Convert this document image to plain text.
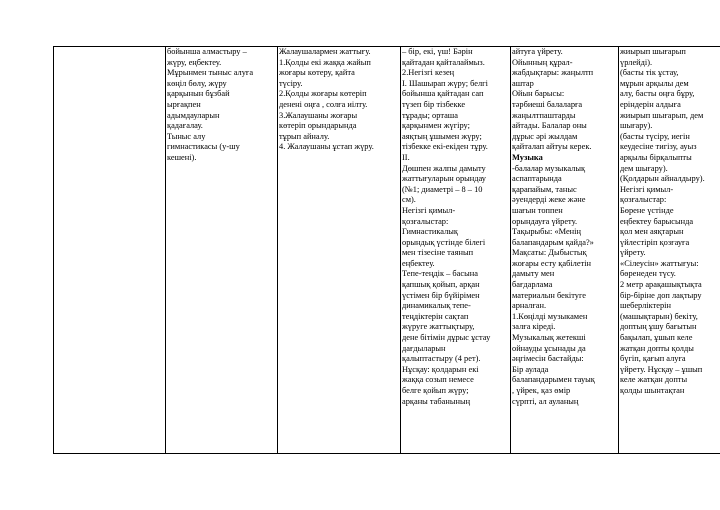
бойынша алмастыру –
жүру, еңбектеу.
Мұрынмен тыныс алуға
көңіл бөлу, жүру
қарқынын бұзбай
ырғақпен
адымдауларын
қадағалау.
Тыныс алу
гимнастикасы (у-шу
кешені).

Жалаушалармен жаттығу.
1.Қолды екі жаққа жайып
жоғары көтеру, қайта
түсіру.
2.Қолды жоғары көтеріп
денені оңға , солға иілту.
3.Жалаушаны жоғары
көтеріп орындарында
тұрып айналу.
4. Жалаушаны ұстап жүру.

– бір, екі, үш! Бәрін
қайтадан қайталаймыз.
2.Негізгі кезең
І. Шашырап жүру; белгі
бойынша қайтадан сап
түзеп бір тізбекке
тұрады; орташа
қарқынмен жүгіру;
аяқтың ұшымен жүру;
тізбекке екі-екіден тұру.
ІІ.
Дөшпен жалпы дамыту
жаттығуларын орындау
(№1; диаметрі – 8 – 10
см).
Негізгі қимыл-
қозғалыстар:
Гимнастикалық
орындық үстінде білегі
мен тізесіне таянып
еңбектеу.
Тепе-теңдік – басына
қапшық қойып, арқан
үстімен бір бүйірімен
динамикалық тепе-
теңдіктерін сақтап
жүруге жаттықтыру,
дене бітімін дұрыс ұстау
дағдыларын
қалыптастыру (4 рет).
Нұсқау: қолдарын екі
жаққа созып немесе
белге қойып жүру;
арқаны табанының

айтуға үйрету.
Ойынның құрал-
жабдықтары: жаңылтп
аштар
Ойын барысы:
тәрбиеші балаларға
жаңылтпаштарды
айтады. Балалар оны
дұрыс әрі жылдам
қайталап айтуы керек.
Музыка
-балалар музыкалық
аспаптарында
қарапайым, таныс
әуендерді жеке және
шағын топпен
орындауға үйрету.
Тақырыбы: «Менің
балапандарым қайда?»
Мақсаты: Дыбыстық
жоғары есту қабілетін
дамыту мен
бағдарлама
материалын бекітуге
арналған.
1.Көңілді музыкамен
залға кіреді.
Музыкалық жетекші
ойнауды ұсынады да
әңгімесін бастайды:
Бір аулада
балапандарымен тауық
, үйрек, қаз өмір
сүрпті, ал ауланың

жиырып шығарып
үрлейді).
(басты тік ұстау,
мұрын арқылы дем
алу, басты оңға бұру,
еріндерін алдыға
жиырып шығарып, дем
шығару).
(басты түсіру, иегін
кеудесіне тигізу, ауыз
арқылы бірқалыпты
дем шығару).
(Қолдарын айналдыру).
Негізгі қимыл-
қозғалыстар:
Бөрене үстінде
еңбектеу барысында
қол мен аяқтарын
үйлестіріп қозғауға
үйрету.
«Сілеусін» жаттығуы:
бөренеден түсу.
2 метр арақашықтықта
бір-біріне доп лақтыру
шеберліктерін
(машықтарын) бекіту,
доптың ұшу бағытын
бақылап, ұшып келе
жатқан допты қолды
бүгіп, қағып алуға
үйрету. Нұсқау – ұшып
келе жатқан допты
қолды шынтақтан
